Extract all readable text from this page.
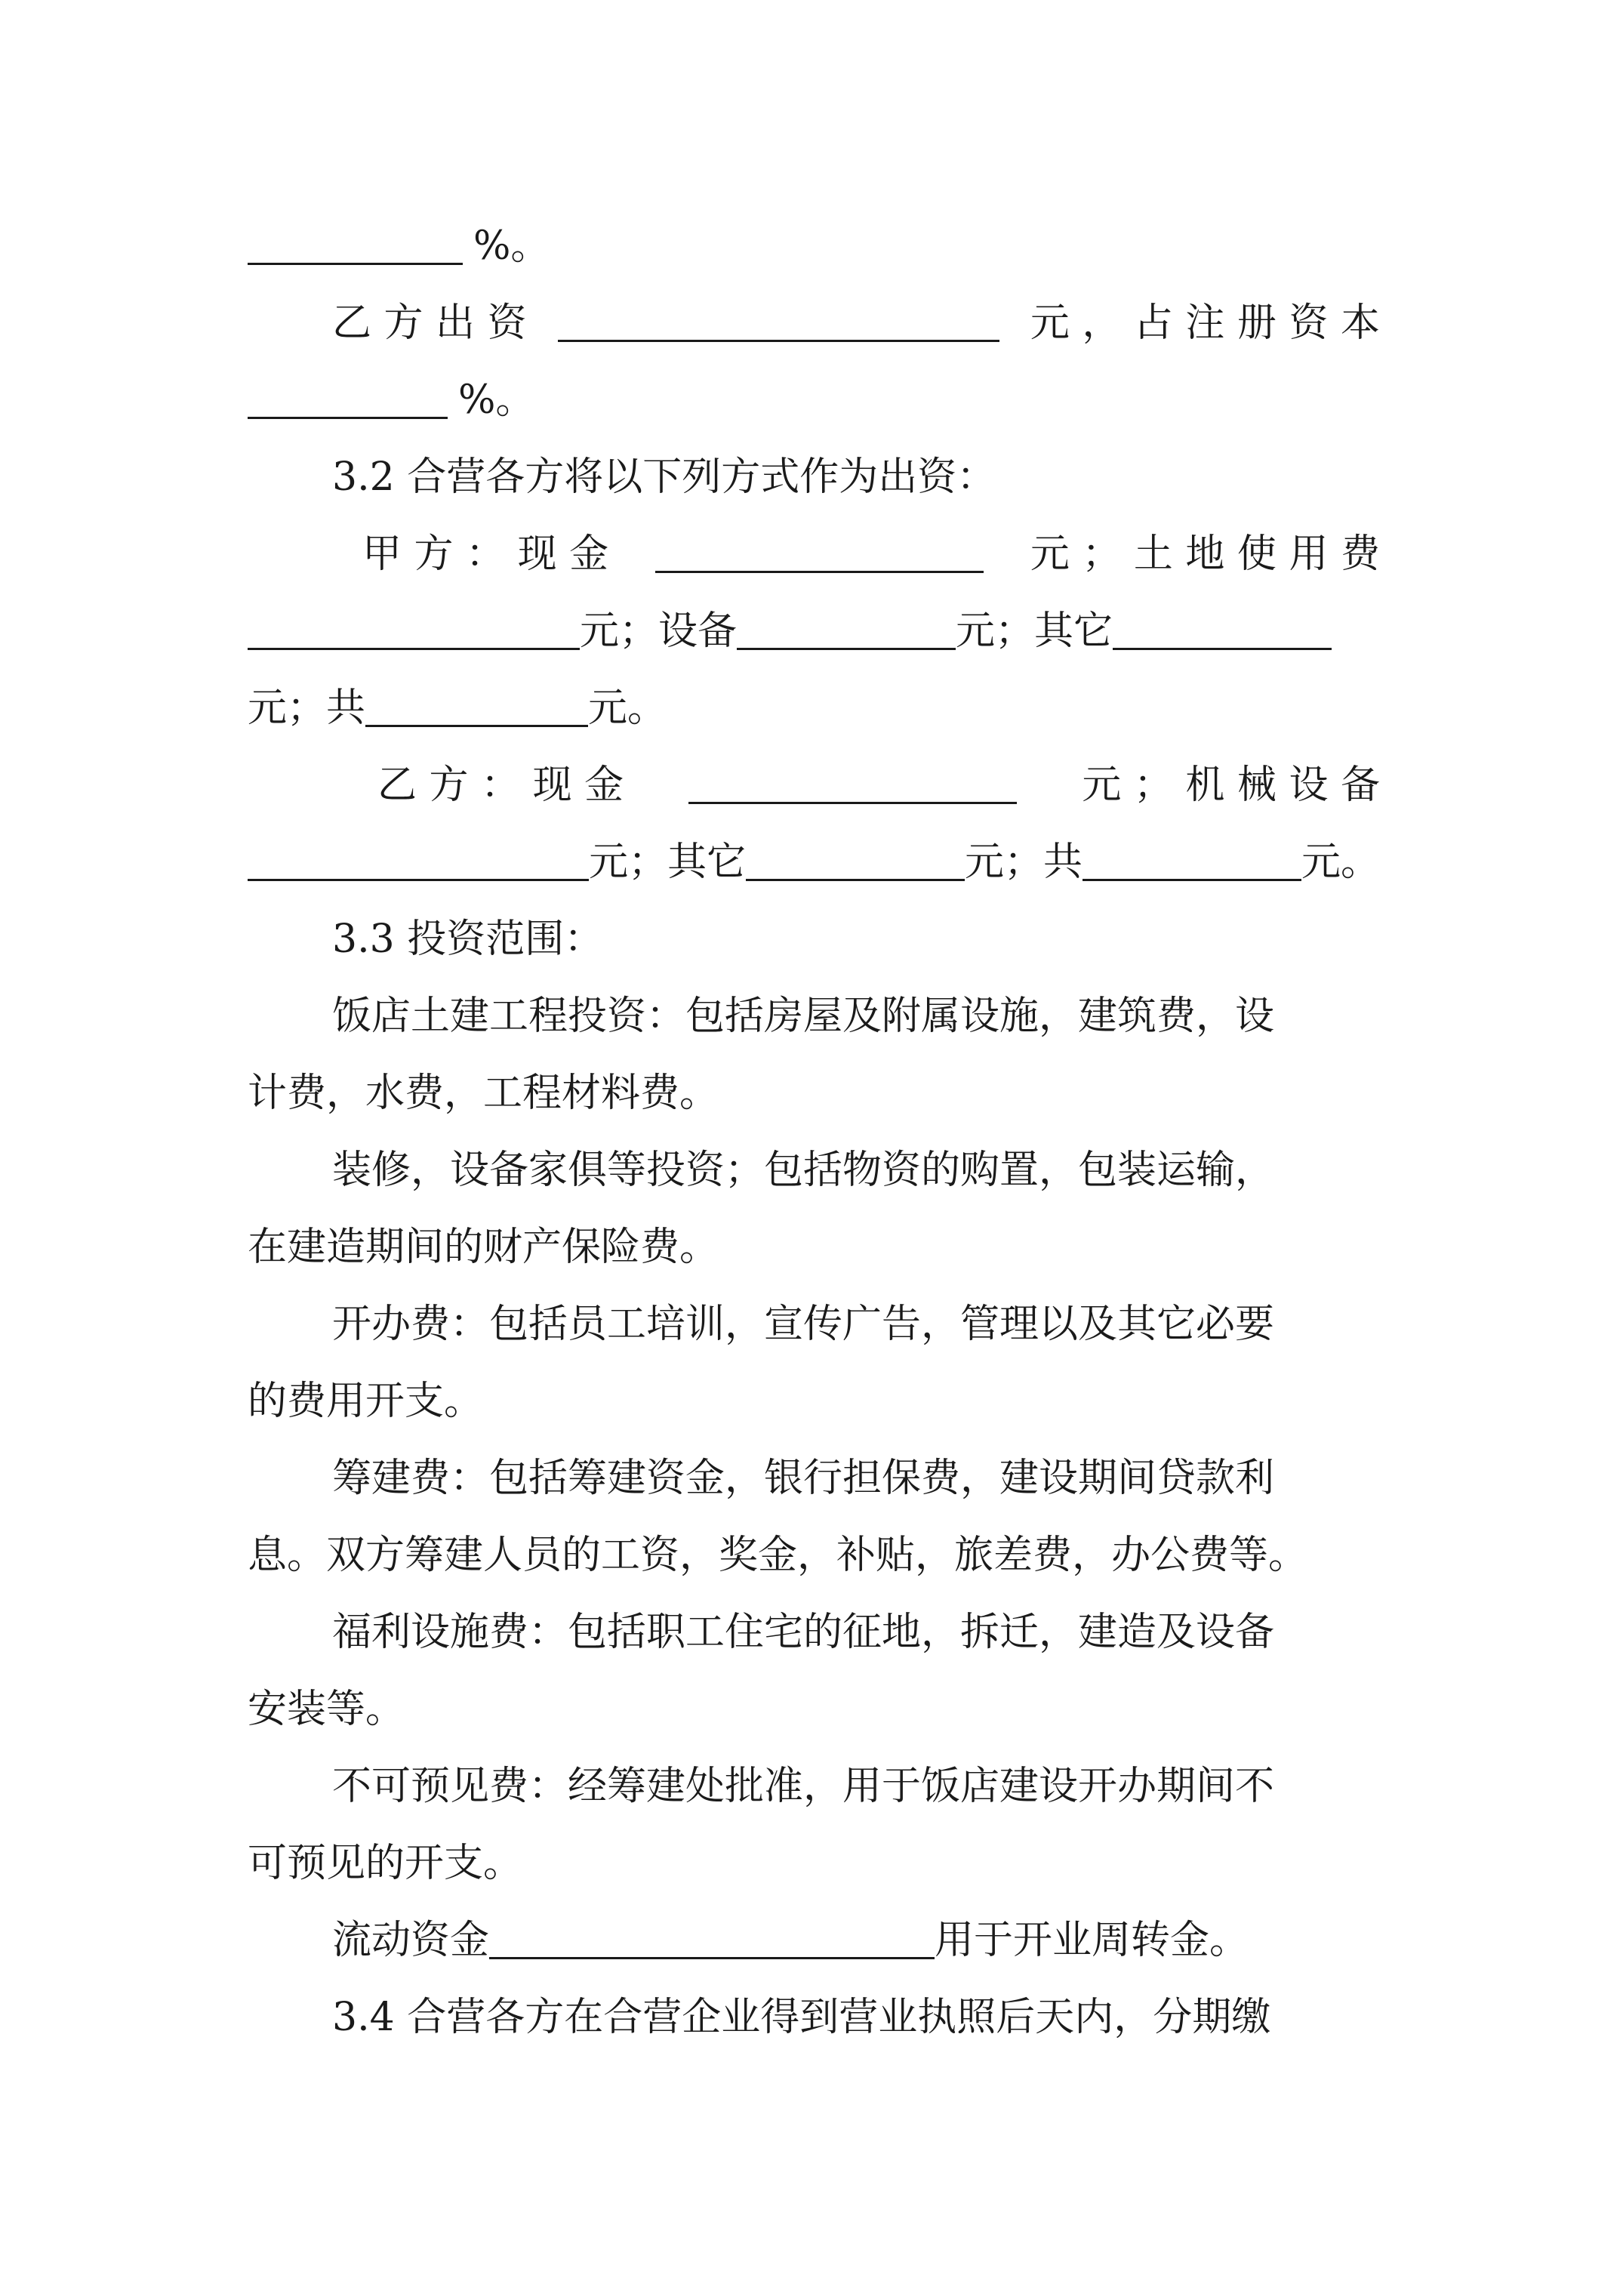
%。
乙 方 出 资	元 ， 占 注 册 资 本
%。
3.2 合营各方将以下列方式作为出资：
甲 方 ： 现 金	元 ； 土 地 使 用 费
元；设备	元；其它
元；共	元。
乙 方 ： 现 金	元 ； 机 械 设 备
元；其它	元；共	元。
3.3 投资范围：
饭店土建工程投资：包括房屋及附属设施，建筑费，设
计费，水费，工程材料费。
装修，设备家俱等投资；包括物资的购置，包装运输，
在建造期间的财产保险费。
开办费：包括员工培训，宣传广告，管理以及其它必要
的费用开支。
筹建费：包括筹建资金，银行担保费，建设期间贷款利
息。双方筹建人员的工资，奖金，补贴，旅差费，办公费等。
福利设施费：包括职工住宅的征地，拆迁，建造及设备
安装等。
不可预见费：经筹建处批准，用于饭店建设开办期间不
可预见的开支。
流动资金	用于开业周转金。
3.4 合营各方在合营企业得到营业执照后天内，分期缴
